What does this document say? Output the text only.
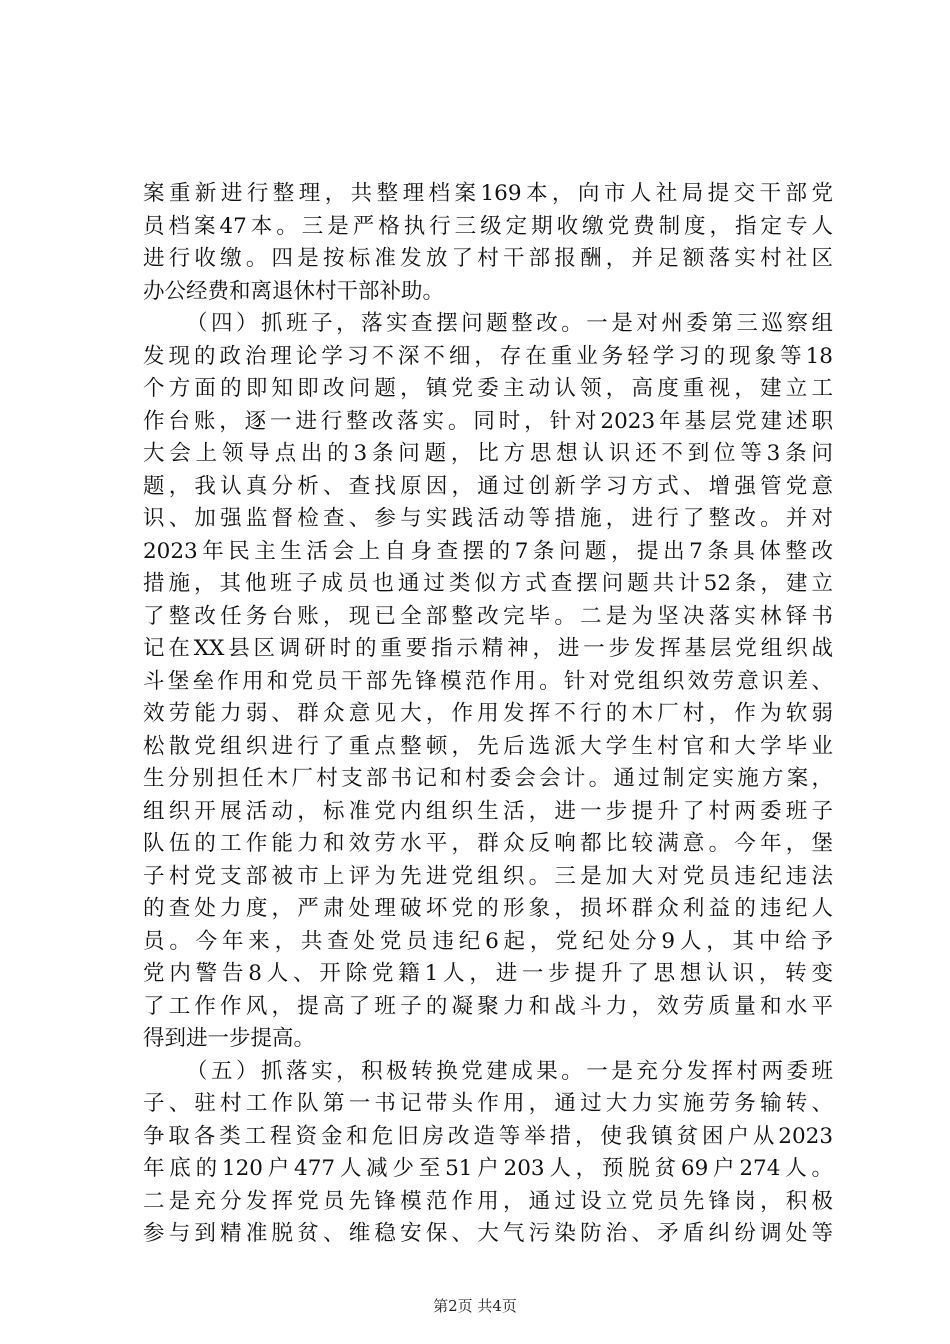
案重新进行整理，共整理档案169本，向市人社局提交干部党
员档案47本。三是严格执行三级定期收缴党费制度，指定专人
进行收缴。四是按标准发放了村干部报酬，并足额落实村社区
办公经费和离退休村干部补助。
（四）抓班子，落实查摆问题整改。一是对州委第三巡察组
发现的政治理论学习不深不细，存在重业务轻学习的现象等18
个方面的即知即改问题，镇党委主动认领，高度重视，建立工
作台账，逐一进行整改落实。同时，针对2023年基层党建述职
大会上领导点出的3条问题，比方思想认识还不到位等3条问
题，我认真分析、查找原因，通过创新学习方式、增强管党意
识、加强监督检查、参与实践活动等措施，进行了整改。并对
2023年民主生活会上自身查摆的7条问题，提出7条具体整改
措施，其他班子成员也通过类似方式查摆问题共计52条，建立
了整改任务台账，现已全部整改完毕。二是为坚决落实林铎书
记在XX县区调研时的重要指示精神，进一步发挥基层党组织战
斗堡垒作用和党员干部先锋模范作用。针对党组织效劳意识差、
效劳能力弱、群众意见大，作用发挥不行的木厂村，作为软弱
松散党组织进行了重点整顿，先后选派大学生村官和大学毕业
生分别担任木厂村支部书记和村委会会计。通过制定实施方案，
组织开展活动，标准党内组织生活，进一步提升了村两委班子
队伍的工作能力和效劳水平，群众反响都比较满意。今年，堡
子村党支部被市上评为先进党组织。三是加大对党员违纪违法
的查处力度，严肃处理破坏党的形象，损坏群众利益的违纪人
员。今年来，共查处党员违纪6起，党纪处分9人，其中给予
党内警告8人、开除党籍1人，进一步提升了思想认识，转变
了工作作风，提高了班子的凝聚力和战斗力，效劳质量和水平
得到进一步提高。
（五）抓落实，积极转换党建成果。一是充分发挥村两委班
子、驻村工作队第一书记带头作用，通过大力实施劳务输转、
争取各类工程资金和危旧房改造等举措，使我镇贫困户从2023
年底的120户477人减少至51户203人，预脱贫69户274人。
二是充分发挥党员先锋模范作用，通过设立党员先锋岗，积极
参与到精准脱贫、维稳安保、大气污染防治、矛盾纠纷调处等
第2页 共4页
